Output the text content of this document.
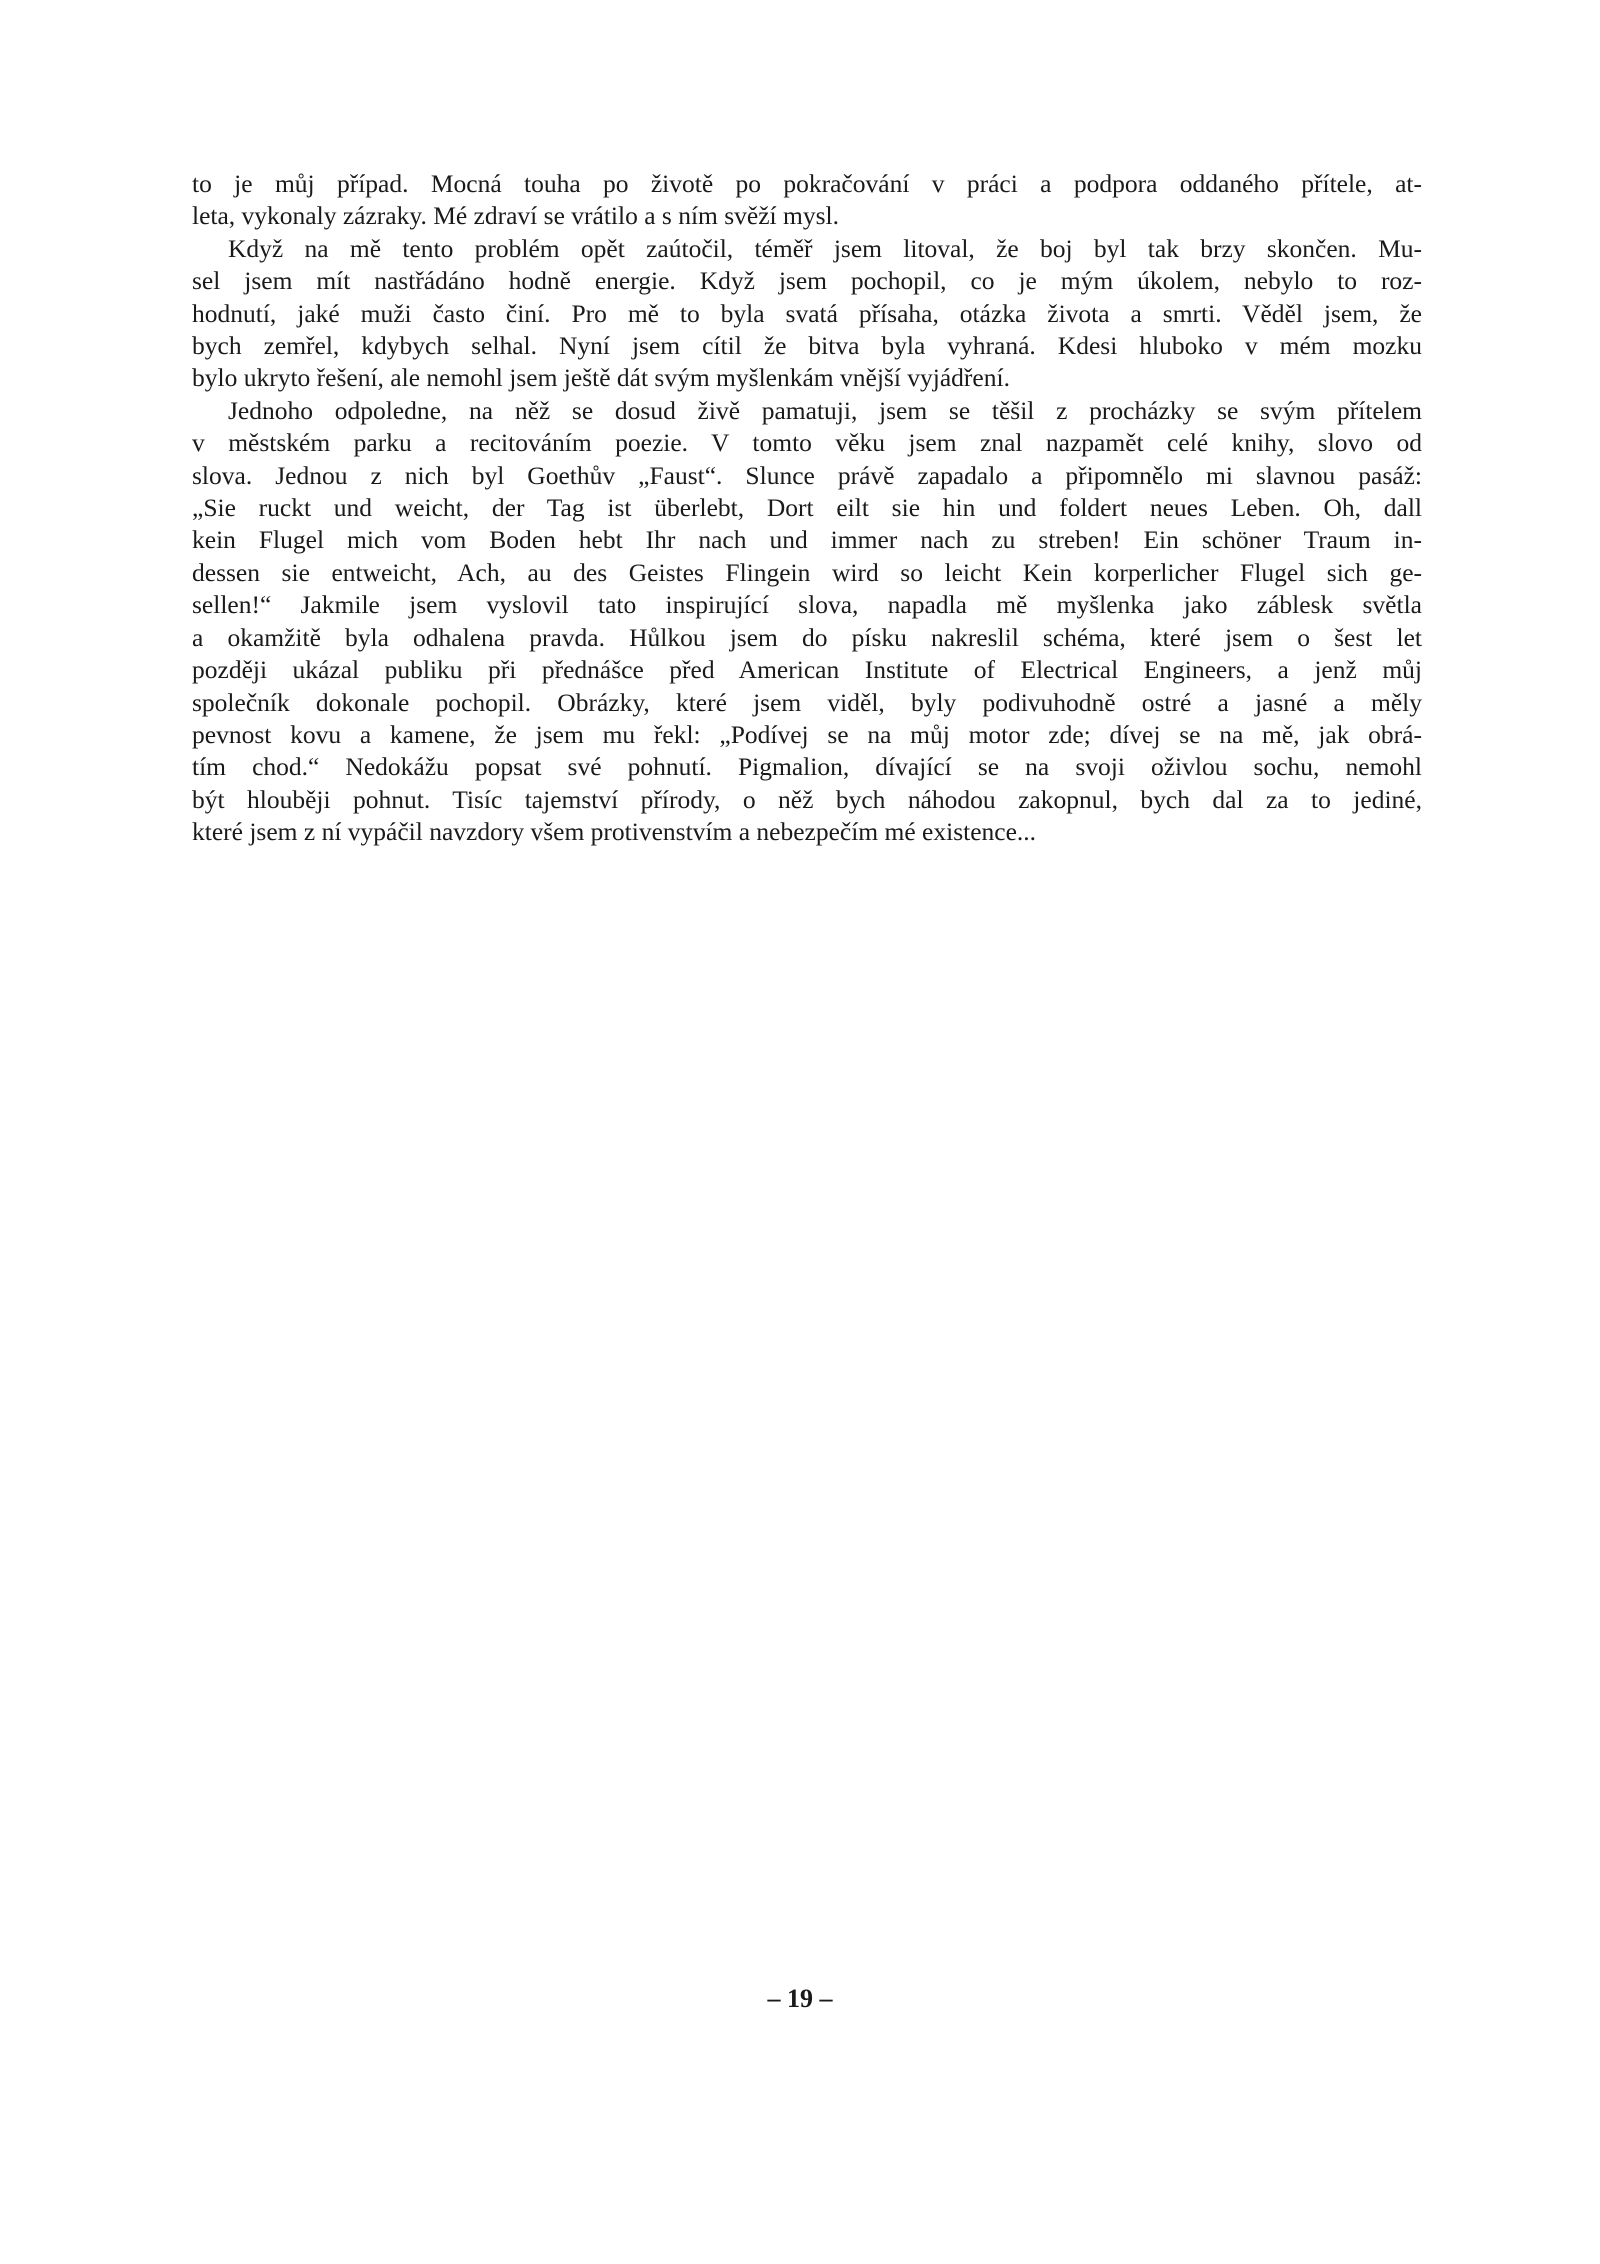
to je můj případ. Mocná touha po životě po pokračování v práci a podpora oddaného přítele, at-
leta, vykonaly zázraky. Mé zdraví se vrátilo a s ním svěží mysl.
Když na mě tento problém opět zaútočil, téměř jsem litoval, že boj byl tak brzy skončen. Mu-
sel jsem mít nastřádáno hodně energie. Když jsem pochopil, co je mým úkolem, nebylo to roz-
hodnutí, jaké muži často činí. Pro mě to byla svatá přísaha, otázka života a smrti. Věděl jsem, že
bych zemřel, kdybych selhal. Nyní jsem cítil že bitva byla vyhraná. Kdesi hluboko v mém mozku
bylo ukryto řešení, ale nemohl jsem ještě dát svým myšlenkám vnější vyjádření.
Jednoho odpoledne, na něž se dosud živě pamatuji, jsem se těšil z procházky se svým přítelem
v městském parku a recitováním poezie. V tomto věku jsem znal nazpamět celé knihy, slovo od
slova. Jednou z nich byl Goethův „Faust“. Slunce právě zapadalo a připomnělo mi slavnou pasáž:
„Sie ruckt und weicht, der Tag ist überlebt, Dort eilt sie hin und foldert neues Leben. Oh, dall
kein Flugel mich vom Boden hebt Ihr nach und immer nach zu streben! Ein schöner Traum in-
dessen sie entweicht, Ach, au des Geistes Flingein wird so leicht Kein korperlicher Flugel sich ge-
sellen!“ Jakmile jsem vyslovil tato inspirující slova, napadla mě myšlenka jako záblesk světla
a okamžitě byla odhalena pravda. Hůlkou jsem do písku nakreslil schéma, které jsem o šest let
později ukázal publiku při přednášce před American Institute of Electrical Engineers, a jenž můj
společník dokonale pochopil. Obrázky, které jsem viděl, byly podivuhodně ostré a jasné a měly
pevnost kovu a kamene, že jsem mu řekl: „Podívej se na můj motor zde; dívej se na mě, jak obrá-
tím chod.“ Nedokážu popsat své pohnutí. Pigmalion, dívající se na svoji oživlou sochu, nemohl
být hlouběji pohnut. Tisíc tajemství přírody, o něž bych náhodou zakopnul, bych dal za to jediné,
které jsem z ní vypáčil navzdory všem protivenstvím a nebezpečím mé existence...
– 19 –
